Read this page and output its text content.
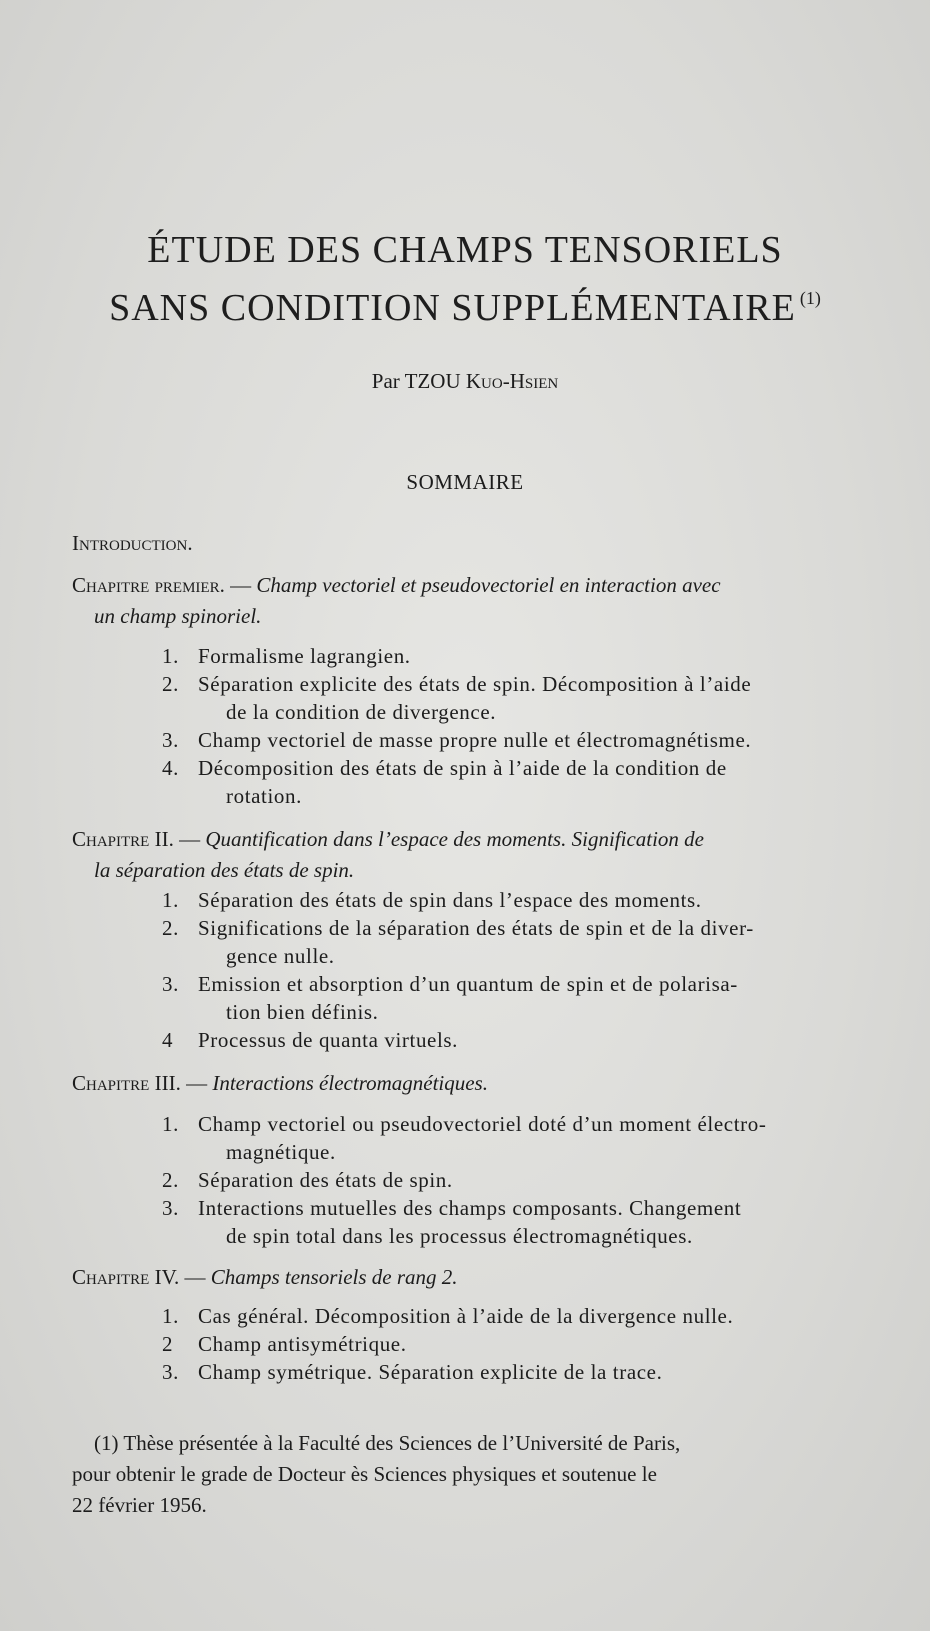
ÉTUDE DES CHAMPS TENSORIELS
SANS CONDITION SUPPLÉMENTAIRE $^{(1)}$
Par TZOU Kuo-Hsien
SOMMAIRE
Introduction.
Chapitre premier. — Champ vectoriel et pseudovectoriel en interaction avec
un champ spinoriel.
1. Formalisme lagrangien.
2. Séparation explicite des états de spin. Décomposition à l’aide
de la condition de divergence.
3. Champ vectoriel de masse propre nulle et électromagnétisme.
4. Décomposition des états de spin à l’aide de la condition de
rotation.
Chapitre II. — Quantification dans l’espace des moments. Signification de
la séparation des états de spin.
1. Séparation des états de spin dans l’espace des moments.
2. Significations de la séparation des états de spin et de la diver-
gence nulle.
3. Emission et absorption d’un quantum de spin et de polarisa-
tion bien définis.
4 Processus de quanta virtuels.
Chapitre III. — Interactions électromagnétiques.
1. Champ vectoriel ou pseudovectoriel doté d’un moment électro-
magnétique.
2. Séparation des états de spin.
3. Interactions mutuelles des champs composants. Changement
de spin total dans les processus électromagnétiques.
Chapitre IV. — Champs tensoriels de rang 2.
1. Cas général. Décomposition à l’aide de la divergence nulle.
2 Champ antisymétrique.
3. Champ symétrique. Séparation explicite de la trace.
(1) Thèse présentée à la Faculté des Sciences de l’Université de Paris,
pour obtenir le grade de Docteur ès Sciences physiques et soutenue le
22 février 1956.
